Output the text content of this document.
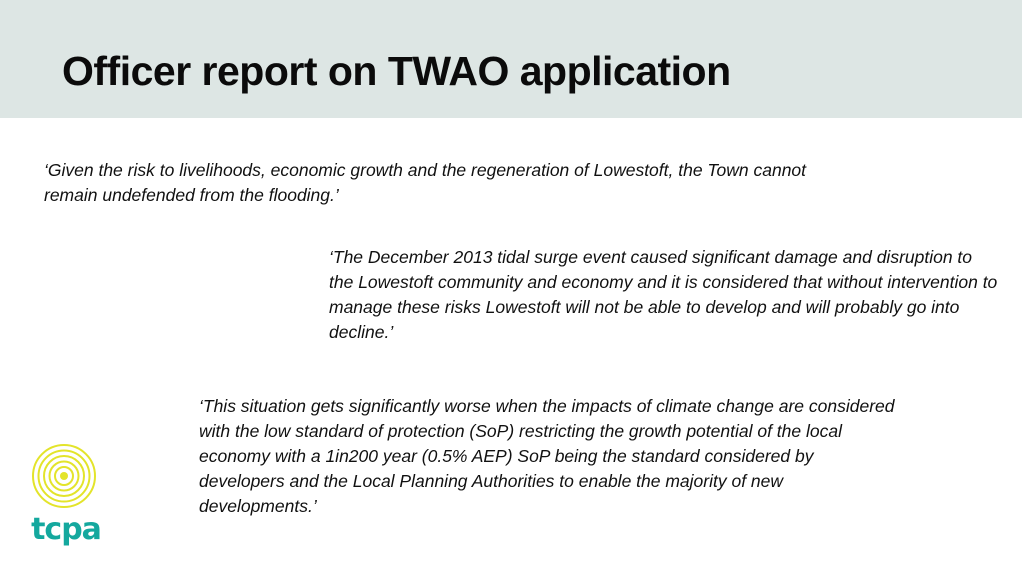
Officer report on TWAO application

‘Given the risk to livelihoods, economic growth and the regeneration of Lowestoft, the Town cannot remain undefended from the flooding.’

‘The December 2013 tidal surge event caused significant damage and disruption to the Lowestoft community and economy and it is considered that without intervention to manage these risks Lowestoft will not be able to develop and will probably go into decline.’

‘This situation gets significantly worse when the impacts of climate change are considered with the low standard of protection (SoP) restricting the growth potential of the local economy with a 1in200 year (0.5% AEP) SoP being the standard considered by developers and the Local Planning Authorities to enable the majority of new developments.’

tcpa
